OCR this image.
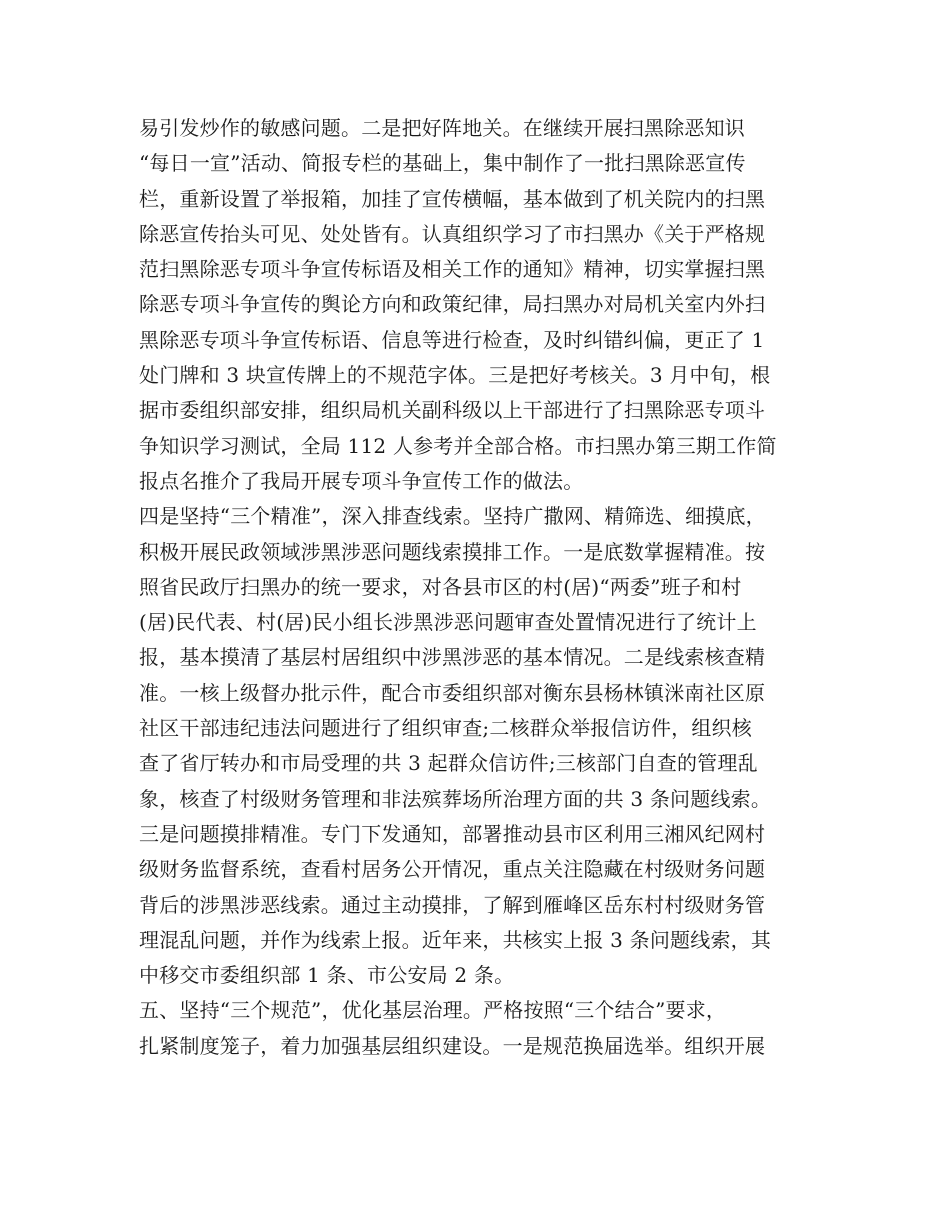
易引发炒作的敏感问题。二是把好阵地关。在继续开展扫黑除恶知识
“每日一宣”活动、简报专栏的基础上，集中制作了一批扫黑除恶宣传
栏，重新设置了举报箱，加挂了宣传横幅，基本做到了机关院内的扫黑
除恶宣传抬头可见、处处皆有。认真组织学习了市扫黑办《关于严格规
范扫黑除恶专项斗争宣传标语及相关工作的通知》精神，切实掌握扫黑
除恶专项斗争宣传的舆论方向和政策纪律，局扫黑办对局机关室内外扫
黑除恶专项斗争宣传标语、信息等进行检查，及时纠错纠偏，更正了 1
处门牌和 3 块宣传牌上的不规范字体。三是把好考核关。3 月中旬，根
据市委组织部安排，组织局机关副科级以上干部进行了扫黑除恶专项斗
争知识学习测试，全局 112 人参考并全部合格。市扫黑办第三期工作简
报点名推介了我局开展专项斗争宣传工作的做法。
四是坚持“三个精准”，深入排查线索。坚持广撒网、精筛选、细摸底，
积极开展民政领域涉黑涉恶问题线索摸排工作。一是底数掌握精准。按
照省民政厅扫黑办的统一要求，对各县市区的村(居)“两委”班子和村
(居)民代表、村(居)民小组长涉黑涉恶问题审查处置情况进行了统计上
报，基本摸清了基层村居组织中涉黑涉恶的基本情况。二是线索核查精
准。一核上级督办批示件，配合市委组织部对衡东县杨林镇洣南社区原
社区干部违纪违法问题进行了组织审查;二核群众举报信访件，组织核
查了省厅转办和市局受理的共 3 起群众信访件;三核部门自查的管理乱
象，核查了村级财务管理和非法殡葬场所治理方面的共 3 条问题线索。
三是问题摸排精准。专门下发通知，部署推动县市区利用三湘风纪网村
级财务监督系统，查看村居务公开情况，重点关注隐藏在村级财务问题
背后的涉黑涉恶线索。通过主动摸排，了解到雁峰区岳东村村级财务管
理混乱问题，并作为线索上报。近年来，共核实上报 3 条问题线索，其
中移交市委组织部 1 条、市公安局 2 条。
五、坚持“三个规范”，优化基层治理。严格按照“三个结合”要求，
扎紧制度笼子，着力加强基层组织建设。一是规范换届选举。组织开展
